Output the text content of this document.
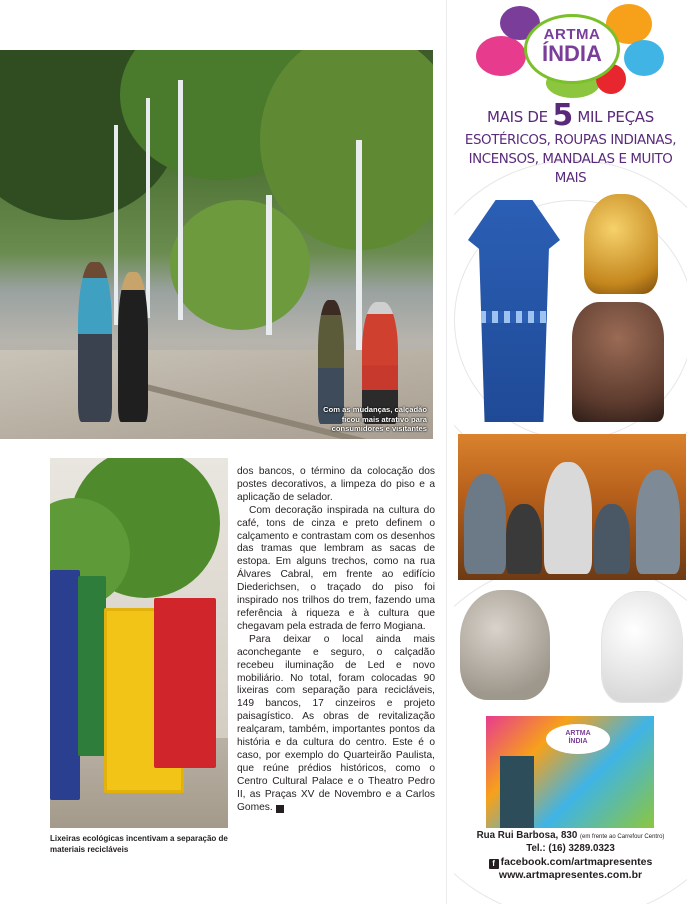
Com as mudanças, calçadão ficou mais atrativo para consumidores e visitantes
Lixeiras ecológicas incentivam a separação de materiais recicláveis

dos bancos, o término da colocação dos postes decorativos, a limpeza do piso e a aplicação de selador.

Com decoração inspirada na cultura do café, tons de cinza e preto definem o calçamento e contrastam com os desenhos das tramas que lembram as sacas de estopa. Em alguns trechos, como na rua Álvares Cabral, em frente ao edifício Diederichsen, o traçado do piso foi inspirado nos trilhos do trem, fazendo uma referência à riqueza e à cultura que chegavam pela estrada de ferro Mogiana.

Para deixar o local ainda mais aconchegante e seguro, o calçadão recebeu iluminação de Led e novo mobiliário. No total, foram colocadas 90 lixeiras com separação para recicláveis, 149 bancos, 17 cinzeiros e projeto paisagístico. As obras de revitalização realçaram, também, importantes pontos da história e da cultura do centro. Este é o caso, por exemplo do Quarteirão Paulista, que reúne prédios históricos, como o Centro Cultural Palace e o Theatro Pedro II, as Praças XV de Novembro e a Carlos Gomes. T

ARTMA
ÍNDIA
MAIS DE 5 MIL PEÇAS
ESOTÉRICOS, ROUPAS INDIANAS,
INCENSOS, MANDALAS E MUITO MAIS
ARTMA
ÍNDIA
Rua Rui Barbosa, 830 (em frente ao Carrefour Centro)
Tel.: (16) 3289.0323
f facebook.com/artmapresentes
www.artmapresentes.com.br
